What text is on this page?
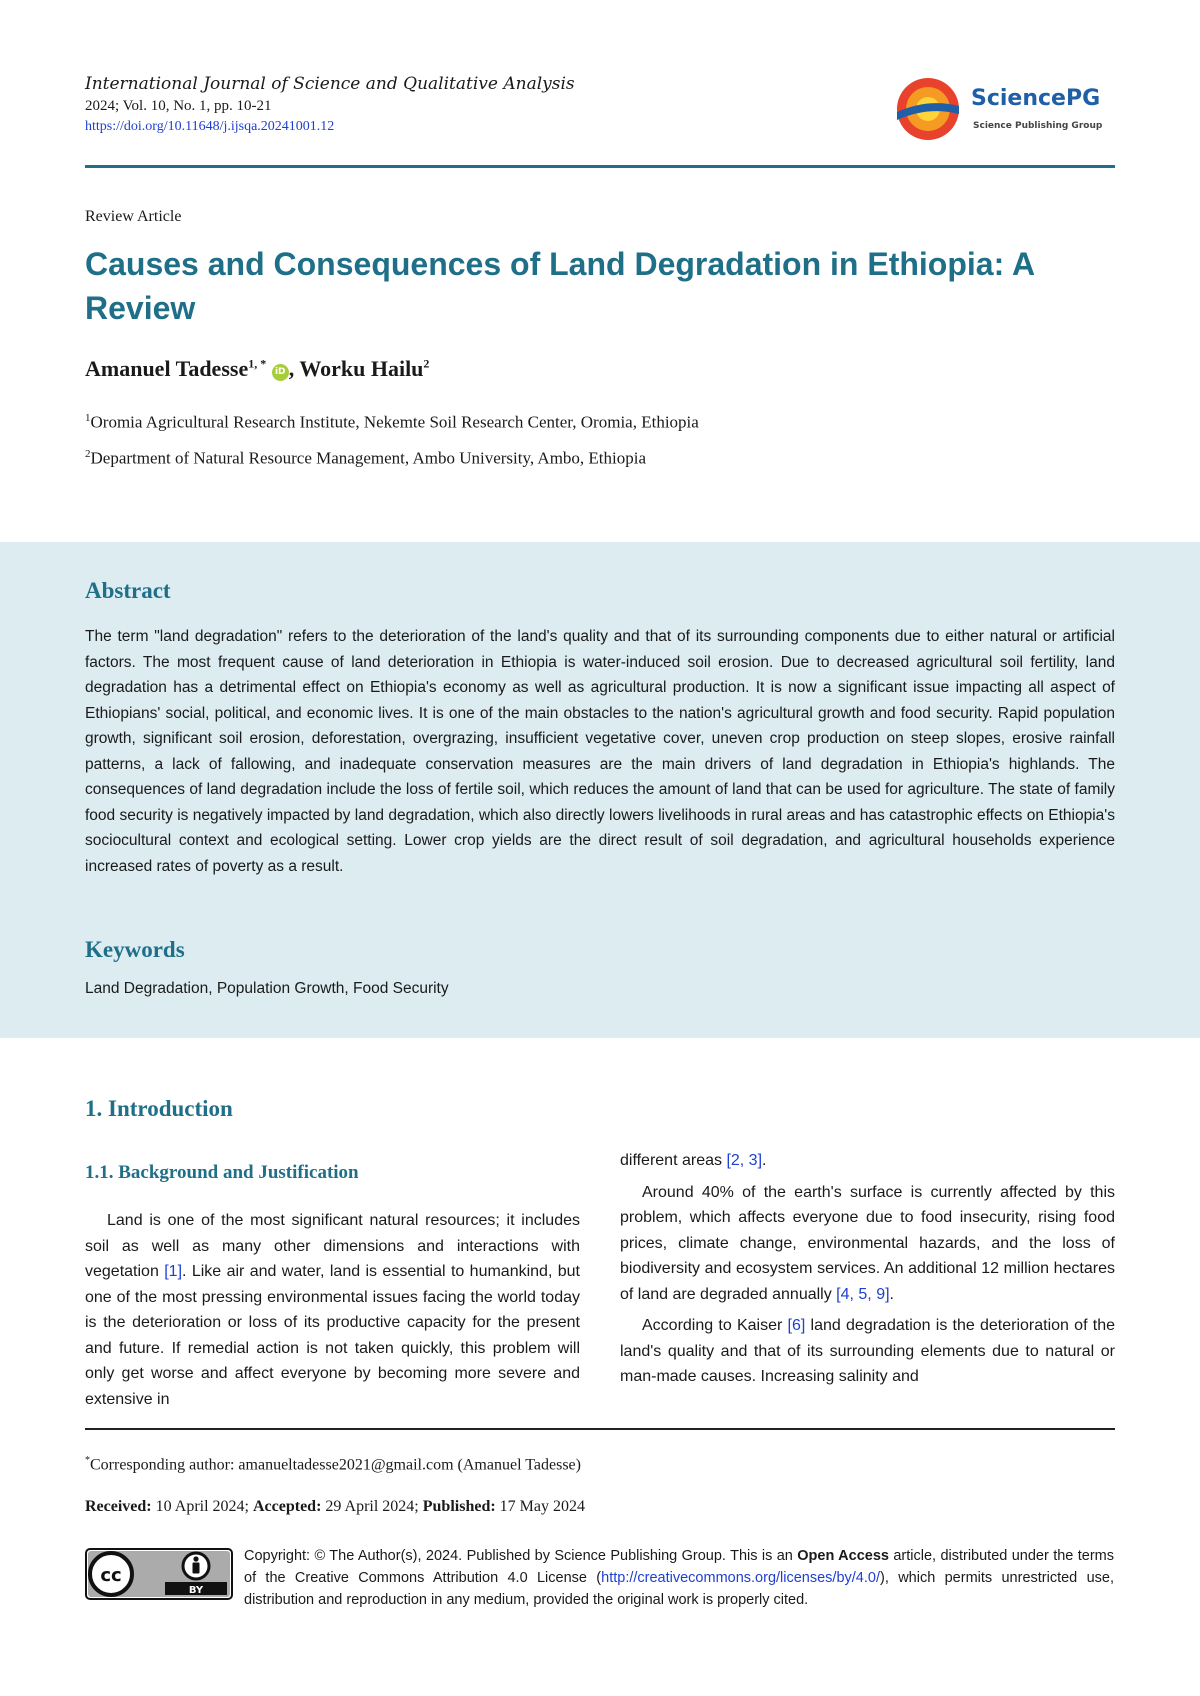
International Journal of Science and Qualitative Analysis
2024; Vol. 10, No. 1, pp. 10-21
https://doi.org/10.11648/j.ijsqa.20241001.12
SciencePG
Science Publishing Group
Review Article
Causes and Consequences of Land Degradation in Ethiopia: A Review
Amanuel Tadesse$^{1, *}$ iD , Worku Hailu$^2$
$^1$Oromia Agricultural Research Institute, Nekemte Soil Research Center, Oromia, Ethiopia
$^2$Department of Natural Resource Management, Ambo University, Ambo, Ethiopia
Abstract

The term "land degradation" refers to the deterioration of the land's quality and that of its surrounding components due to either natural or artificial factors. The most frequent cause of land deterioration in Ethiopia is water-induced soil erosion. Due to decreased agricultural soil fertility, land degradation has a detrimental effect on Ethiopia's economy as well as agricultural production. It is now a significant issue impacting all aspect of Ethiopians' social, political, and economic lives. It is one of the main obstacles to the nation's agricultural growth and food security. Rapid population growth, significant soil erosion, deforestation, overgrazing, insufficient vegetative cover, uneven crop production on steep slopes, erosive rainfall patterns, a lack of fallowing, and inadequate conservation measures are the main drivers of land degradation in Ethiopia's highlands. The consequences of land degradation include the loss of fertile soil, which reduces the amount of land that can be used for agriculture. The state of family food security is negatively impacted by land degradation, which also directly lowers livelihoods in rural areas and has catastrophic effects on Ethiopia's sociocultural context and ecological setting. Lower crop yields are the direct result of soil degradation, and agricultural households experience increased rates of poverty as a result.

Keywords
Land Degradation, Population Growth, Food Security
1. Introduction
1.1. Background and Justification

Land is one of the most significant natural resources; it includes soil as well as many other dimensions and interactions with vegetation [1]. Like air and water, land is essential to humankind, but one of the most pressing environmental issues facing the world today is the deterioration or loss of its productive capacity for the present and future. If remedial action is not taken quickly, this problem will only get worse and affect everyone by becoming more severe and extensive in

different areas [2, 3].

Around 40% of the earth's surface is currently affected by this problem, which affects everyone due to food insecurity, rising food prices, climate change, environmental hazards, and the loss of biodiversity and ecosystem services. An additional 12 million hectares of land are degraded annually [4, 5, 9].

According to Kaiser [6] land degradation is the deterioration of the land's quality and that of its surrounding elements due to natural or man-made causes. Increasing salinity and

*Corresponding author: amanueltadesse2021@gmail.com (Amanuel Tadesse)
Received: 10 April 2024; Accepted: 29 April 2024; Published: 17 May 2024
cc
BY

Copyright: © The Author(s), 2024. Published by Science Publishing Group. This is an Open Access article, distributed under the terms of the Creative Commons Attribution 4.0 License (http://creativecommons.org/licenses/by/4.0/), which permits unrestricted use, distribution and reproduction in any medium, provided the original work is properly cited.
